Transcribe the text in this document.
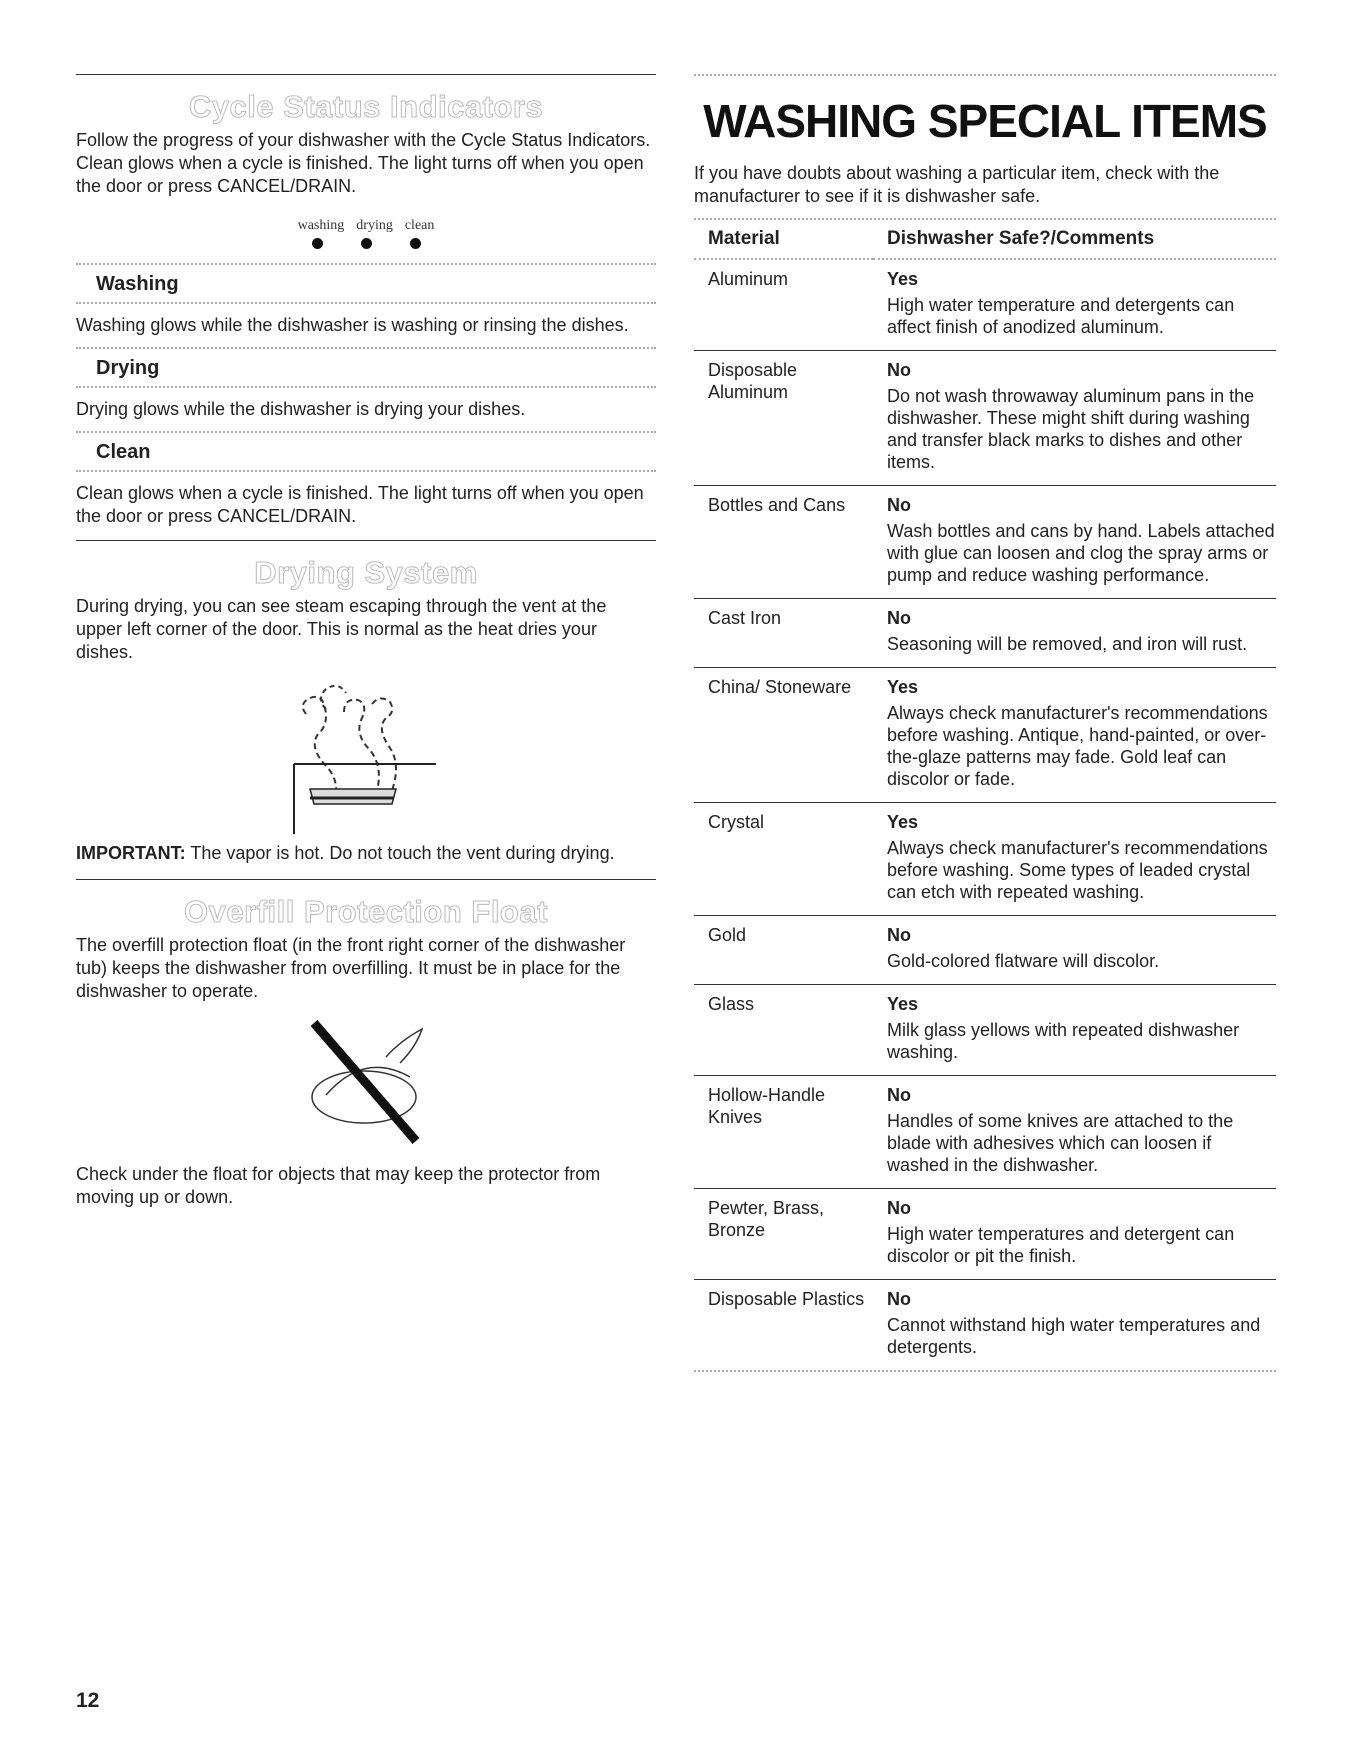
Cycle Status Indicators

Follow the progress of your dishwasher with the Cycle Status Indicators. Clean glows when a cycle is finished. The light turns off when you open the door or press CANCEL/DRAIN.

washing drying clean
Washing

Washing glows while the dishwasher is washing or rinsing the dishes.

Drying

Drying glows while the dishwasher is drying your dishes.

Clean

Clean glows when a cycle is finished. The light turns off when you open the door or press CANCEL/DRAIN.

Drying System

During drying, you can see steam escaping through the vent at the upper left corner of the door. This is normal as the heat dries your dishes.

IMPORTANT: The vapor is hot. Do not touch the vent during drying.

Overfill Protection Float

The overfill protection float (in the front right corner of the dishwasher tub) keeps the dishwasher from overfilling. It must be in place for the dishwasher to operate.

Check under the float for objects that may keep the protector from moving up or down.

WASHING SPECIAL ITEMS

If you have doubts about washing a particular item, check with the manufacturer to see if it is dishwasher safe.

Material	Dishwasher Safe?/Comments
Aluminum	Yes
High water temperature and detergents can affect finish of anodized aluminum.

Disposable Aluminum	No
Do not wash throwaway aluminum pans in the dishwasher. These might shift during washing and transfer black marks to dishes and other items.

Bottles and Cans	No
Wash bottles and cans by hand. Labels attached with glue can loosen and clog the spray arms or pump and reduce washing performance.

Cast Iron	No
Seasoning will be removed, and iron will rust.

China/ Stoneware	Yes
Always check manufacturer's recommendations before washing. Antique, hand-painted, or over-the-glaze patterns may fade. Gold leaf can discolor or fade.

Crystal	Yes
Always check manufacturer's recommendations before washing. Some types of leaded crystal can etch with repeated washing.

Gold	No
Gold-colored flatware will discolor.

Glass	Yes
Milk glass yellows with repeated dishwasher washing.

Hollow-Handle Knives	No
Handles of some knives are attached to the blade with adhesives which can loosen if washed in the dishwasher.

Pewter, Brass, Bronze	No
High water temperatures and detergent can discolor or pit the finish.

Disposable Plastics	No
Cannot withstand high water temperatures and detergents.
12
